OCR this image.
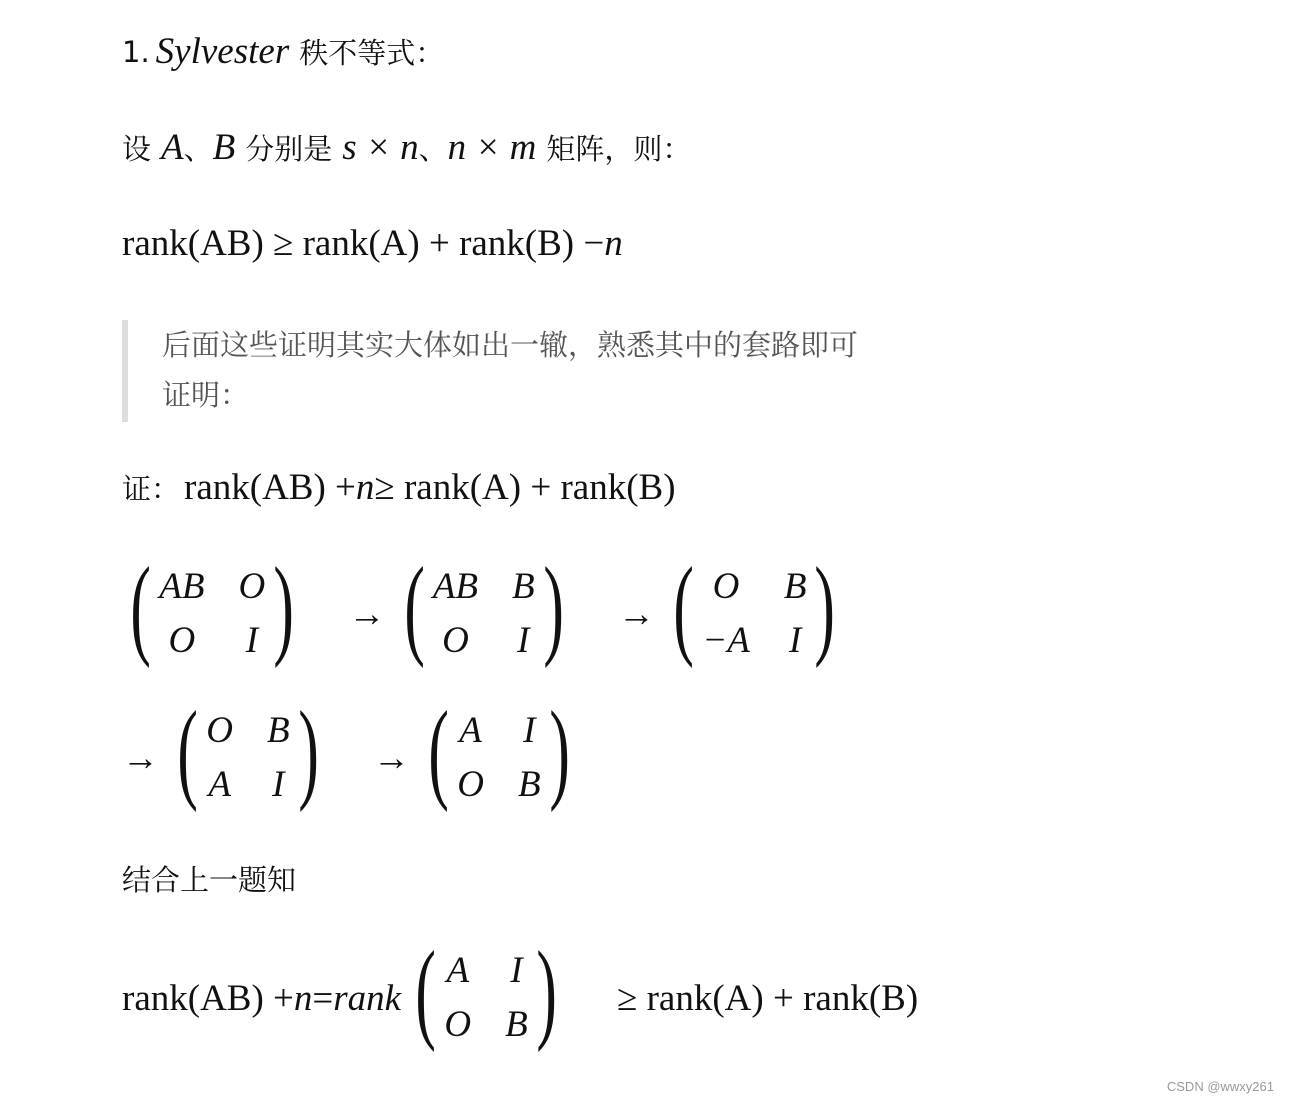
1. Sylvester 秩不等式：
设 A 、 B 分别是 s × n 、 n × m 矩阵，则：
rank(AB) ≥ rank(A) + rank(B) − n
后面这些证明其实大体如出一辙，熟悉其中的套路即可
证明：
证： rank(AB) + n ≥ rank(A) + rank(B)
( AB O
O I ) → ( AB B
O I ) → ( O B
−A I )
→ ( O B
A I ) → ( A I
O B )
结合上一题知
rank(AB) + n = rank ( A I
O B ) ≥ rank(A) + rank(B)
CSDN @wwxy261
